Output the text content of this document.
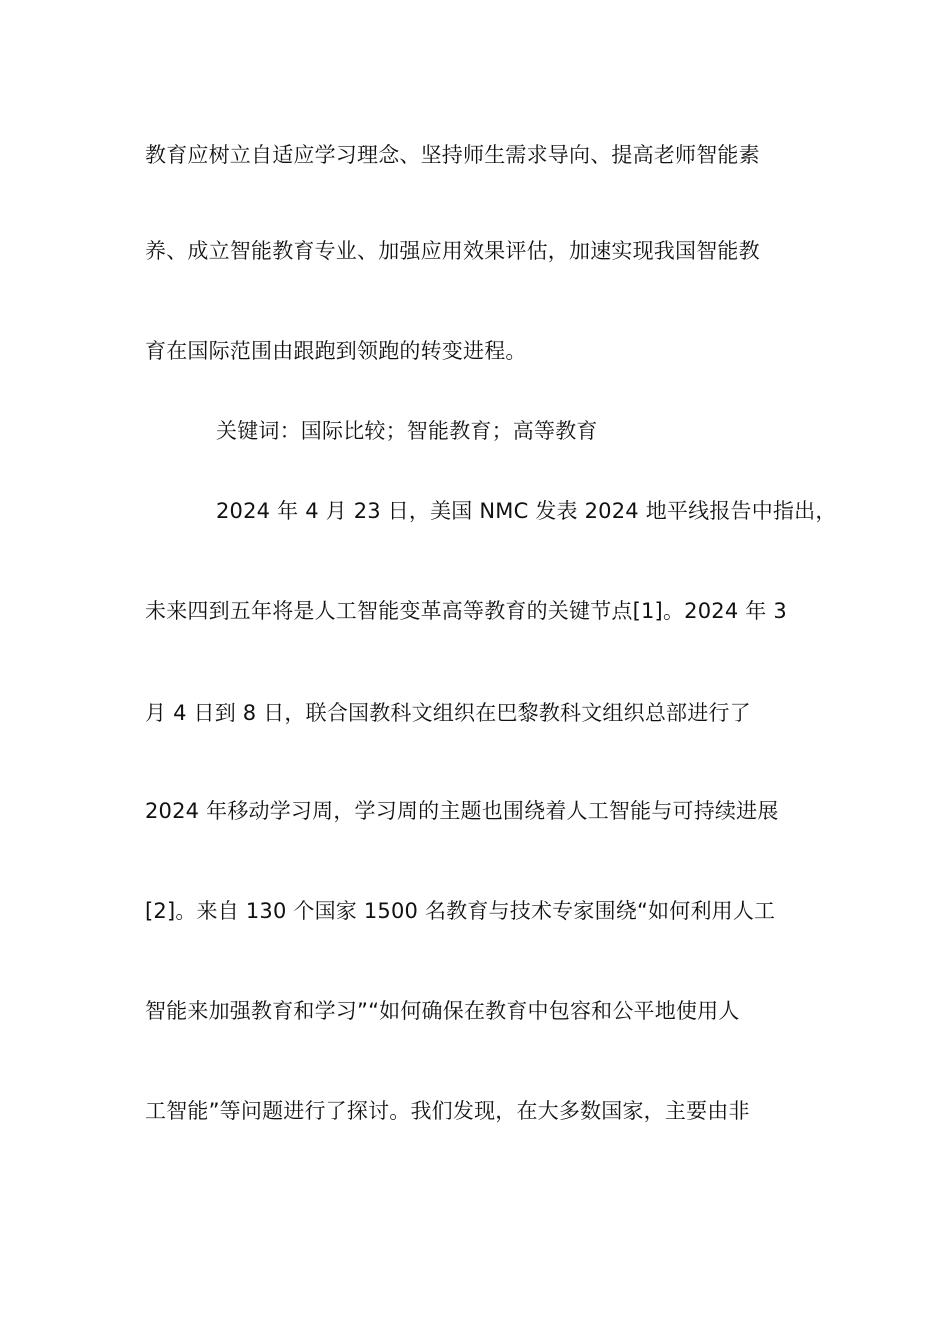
教育应树立自适应学习理念、坚持师生需求导向、提高老师智能素
养、成立智能教育专业、加强应用效果评估，加速实现我国智能教
育在国际范围由跟跑到领跑的转变进程。
关键词：国际比较；智能教育；高等教育
2024 年 4 月 23 日，美国 NMC 发表 2024 地平线报告中指出，
未来四到五年将是人工智能变革高等教育的关键节点[1]。2024 年 3
月 4 日到 8 日，联合国教科文组织在巴黎教科文组织总部进行了
2024 年移动学习周，学习周的主题也围绕着人工智能与可持续进展
[2]。来自 130 个国家 1500 名教育与技术专家围绕“如何利用人工
智能来加强教育和学习”“如何确保在教育中包容和公平地使用人
工智能”等问题进行了探讨。我们发现，在大多数国家，主要由非
